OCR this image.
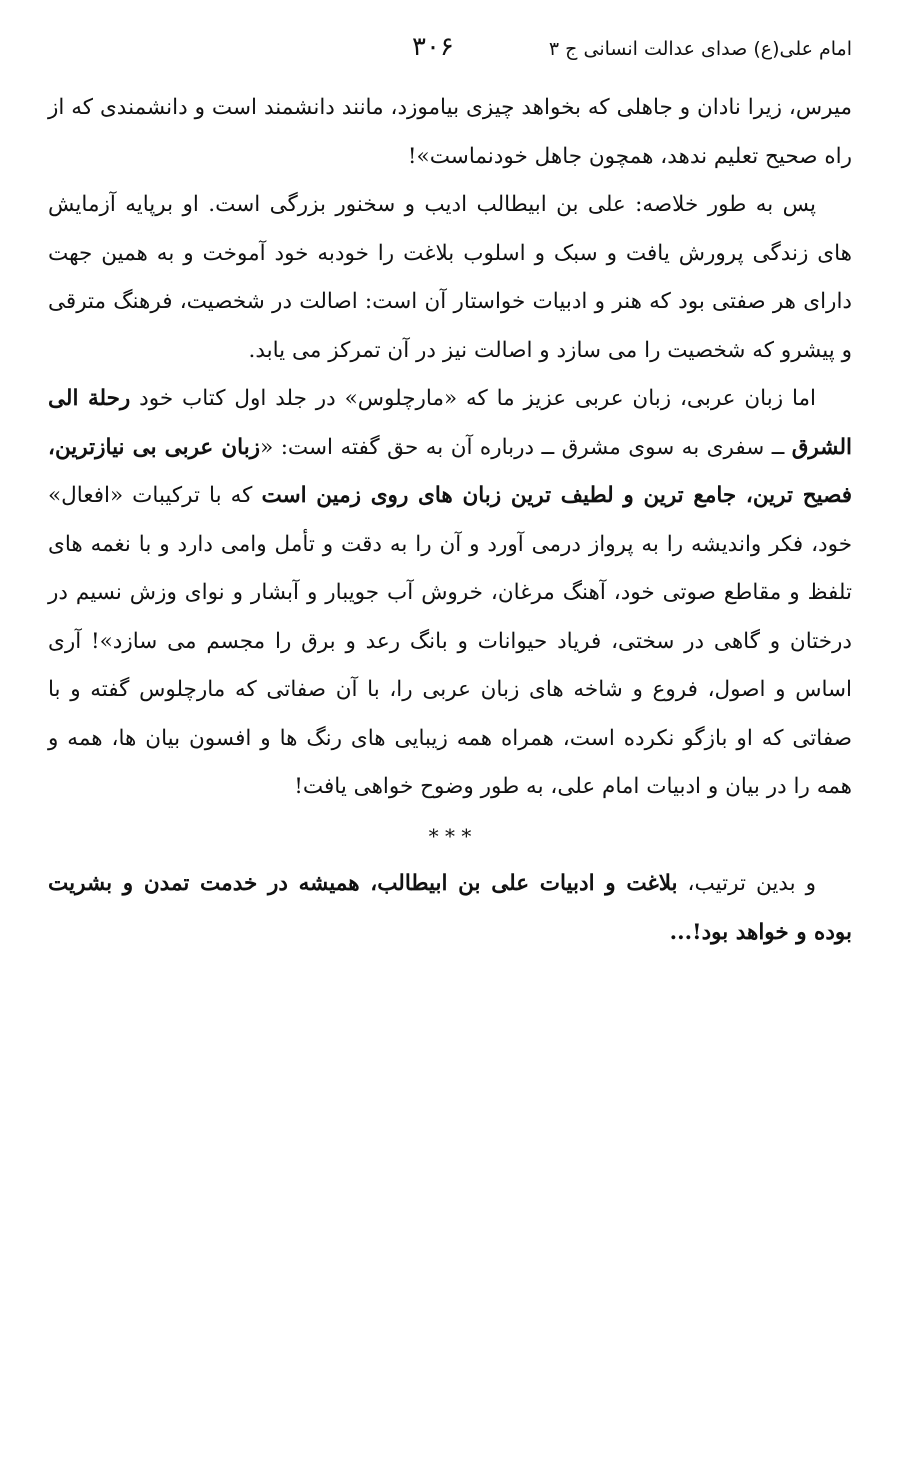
امام علی(ع) صدای عدالت انسانی ج ۳
۳۰۶

میرس، زیرا نادان و جاهلی که بخواهد چیزی بیاموزد، مانند دانشمند است و دانشمندی که از راه صحیح تعلیم ندهد، همچون جاهل خودنماست»!

پس به طور خلاصه: علی بن ابیطالب ادیب و سخنور بزرگی است. او برپایه آزمایش های زندگی پرورش یافت و سبک و اسلوب بلاغت را خودبه خود آموخت و به همین جهت دارای هر صفتی بود که هنر و ادبیات خواستار آن است: اصالت در شخصیت، فرهنگ مترقی و پیشرو که شخصیت را می سازد و اصالت نیز در آن تمرکز می یابد.

اما زبان عربی، زبان عربی عزیز ما که «مارچلوس» در جلد اول کتاب خود رحلة الی الشرق ــ سفری به سوی مشرق ــ درباره آن به حق گفته است: «زبان عربی بی نیازترین، فصیح ترین، جامع ترین و لطیف ترین زبان های روی زمین است که با ترکیبات «افعال» خود، فکر واندیشه را به پرواز درمی آورد و آن را به دقت و تأمل وامی دارد و با نغمه های تلفظ و مقاطع صوتی خود، آهنگ مرغان، خروش آب جویبار و آبشار و نوای وزش نسیم در درختان و گاهی در سختی، فریاد حیوانات و بانگ رعد و برق را مجسم می سازد»! آری اساس و اصول، فروع و شاخه های زبان عربی را، با آن صفاتی که مارچلوس گفته و با صفاتی که او بازگو نکرده است، همراه همه زیبایی های رنگ ها و افسون بیان ها، همه و همه را در بیان و ادبیات امام علی، به طور وضوح خواهی یافت!

* * *

و بدین ترتیب، بلاغت و ادبیات علی بن ابیطالب، همیشه در خدمت تمدن و بشریت بوده و خواهد بود!...
